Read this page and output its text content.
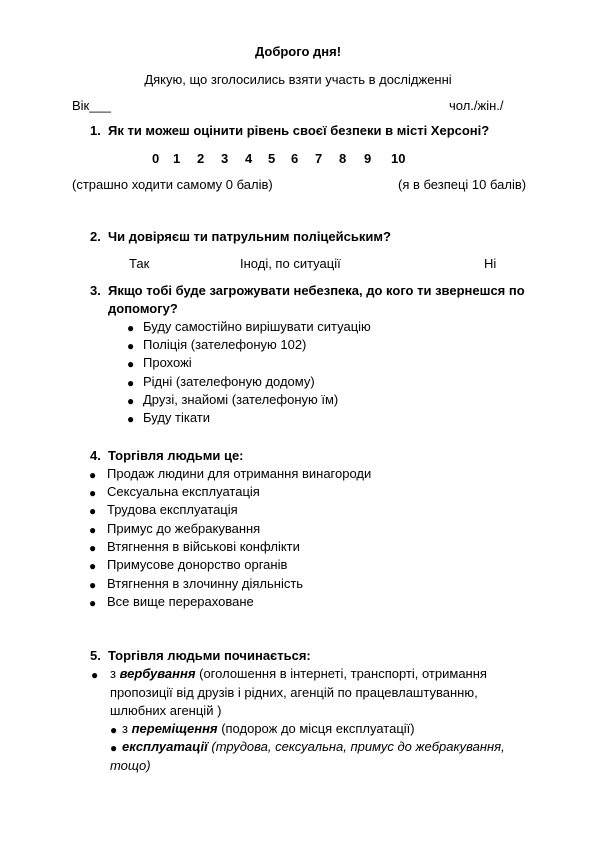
Доброго дня!
Дякую, що зголосились взяти участь в дослідженні
Вік___	чол./жін./
1. Як ти можеш оцінити рівень своєї безпеки в місті Херсоні?
0 1 2 3 4 5 6 7 8 9 10
(страшно ходити самому 0 балів)	(я в безпеці 10 балів)
2. Чи довіряєш ти патрульним поліцейським?
Так	Іноді, по ситуації	Ні
3. Якщо тобі буде загрожувати небезпека, до кого ти звернешся по
допомогу?
● Буду самостійно вирішувати ситуацію
● Поліція (зателефоную 102)
● Прохожі
● Рідні (зателефоную додому)
● Друзі, знайомі (зателефоную їм)
● Буду тікати
4. Торгівля людьми це:
● Продаж людини для отримання винагороди
● Сексуальна експлуатація
● Трудова експлуатація
● Примус до жебракування
● Втягнення в військові конфлікти
● Примусове донорство органів
● Втягнення в злочинну діяльність
● Все вище перераховане
5. Торгівля людьми починається:
● з вербування (оголошення в інтернеті, транспорті, отримання
пропозиції від друзів і рідних, агенцій по працевлаштуванню,
шлюбних агенцій )
● з переміщення (подорож до місця експлуатації)
● експлуатації (трудова, сексуальна, примус до жебракування,
тощо)
